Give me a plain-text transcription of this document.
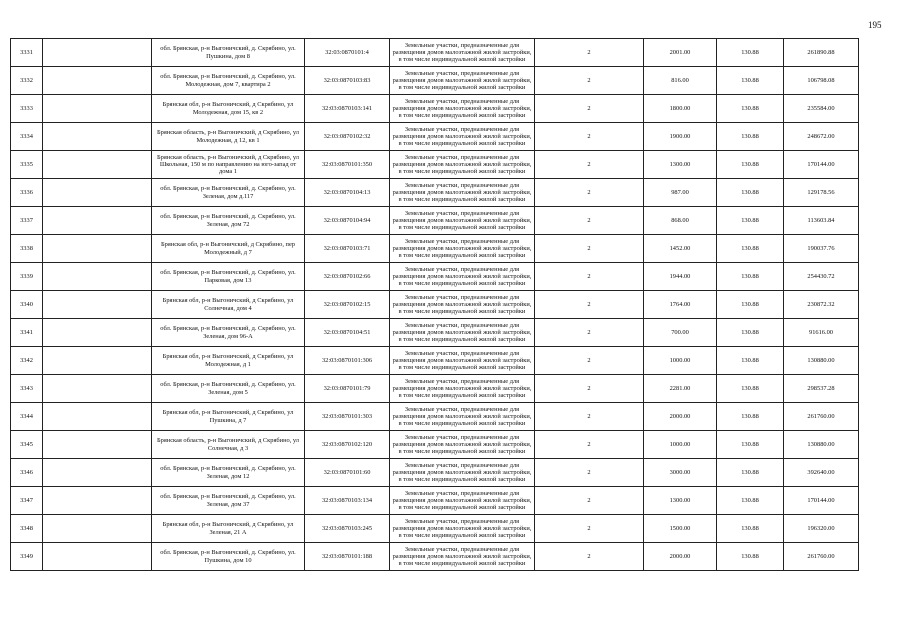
195
3331		обл. Брянская, р-н Выгоничский, д. Скрябино, ул. Пушкина, дом 8	32:03:0870101:4	Земельные участки, предназначенные для размещения домов малоэтажной жилой застройки, в том числе индивидуальной жилой застройки	2	2001.00	130.88	261890.88
3332		обл. Брянская, р-н Выгоничский, д. Скрябино, ул. Молодежная, дом 7, квартира 2	32:03:0870103:83	Земельные участки, предназначенные для размещения домов малоэтажной жилой застройки, в том числе индивидуальной жилой застройки	2	816.00	130.88	106798.08
3333		Брянская обл, р-н Выгоничский, д Скрябино, ул Молодежная, дом 15, кв 2	32:03:0870103:141	Земельные участки, предназначенные для размещения домов малоэтажной жилой застройки, в том числе индивидуальной жилой застройки	2	1800.00	130.88	235584.00
3334		Брянская область, р-н Выгоничский, д Скрябино, ул Молодежная, д 12, кв 1	32:03:0870102:32	Земельные участки, предназначенные для размещения домов малоэтажной жилой застройки, в том числе индивидуальной жилой застройки	2	1900.00	130.88	248672.00
3335		Брянская область, р-н Выгоничский, д Скрябино, ул Школьная, 150 м по направлению на юго-запад от дома 1	32:03:0870101:350	Земельные участки, предназначенные для размещения домов малоэтажной жилой застройки, в том числе индивидуальной жилой застройки	2	1300.00	130.88	170144.00
3336		обл. Брянская, р-н Выгоничский, д. Скрябино, ул. Зеленая, дом д.117	32:03:0870104:13	Земельные участки, предназначенные для размещения домов малоэтажной жилой застройки, в том числе индивидуальной жилой застройки	2	987.00	130.88	129178.56
3337		обл. Брянская, р-н Выгоничский, д. Скрябино, ул. Зеленая, дом 72	32:03:0870104:94	Земельные участки, предназначенные для размещения домов малоэтажной жилой застройки, в том числе индивидуальной жилой застройки	2	868.00	130.88	113603.84
3338		Брянская обл, р-н Выгоничский, д Скрябино, пер Молодежный, д 7	32:03:0870103:71	Земельные участки, предназначенные для размещения домов малоэтажной жилой застройки, в том числе индивидуальной жилой застройки	2	1452.00	130.88	190037.76
3339		обл. Брянская, р-н Выгоничский, д. Скрябино, ул. Парковая, дом 13	32:03:0870102:66	Земельные участки, предназначенные для размещения домов малоэтажной жилой застройки, в том числе индивидуальной жилой застройки	2	1944.00	130.88	254430.72
3340		Брянская обл, р-н Выгоничский, д Скрябино, ул Солнечная, дом 4	32:03:0870102:15	Земельные участки, предназначенные для размещения домов малоэтажной жилой застройки, в том числе индивидуальной жилой застройки	2	1764.00	130.88	230872.32
3341		обл. Брянская, р-н Выгоничский, д. Скрябино, ул. Зеленая, дом 96-А	32:03:0870104:51	Земельные участки, предназначенные для размещения домов малоэтажной жилой застройки, в том числе индивидуальной жилой застройки	2	700.00	130.88	91616.00
3342		Брянская обл, р-н Выгоничский, д Скрябино, ул Молодежная, д 1	32:03:0870101:306	Земельные участки, предназначенные для размещения домов малоэтажной жилой застройки, в том числе индивидуальной жилой застройки	2	1000.00	130.88	130880.00
3343		обл. Брянская, р-н Выгоничский, д. Скрябино, ул. Зеленая, дом 5	32:03:0870101:79	Земельные участки, предназначенные для размещения домов малоэтажной жилой застройки, в том числе индивидуальной жилой застройки	2	2281.00	130.88	298537.28
3344		Брянская обл, р-н Выгоничский, д Скрябино, ул Пушкина, д 7	32:03:0870101:303	Земельные участки, предназначенные для размещения домов малоэтажной жилой застройки, в том числе индивидуальной жилой застройки	2	2000.00	130.88	261760.00
3345		Брянская область, р-н Выгоничский, д Скрябино, ул Солнечная, д 3	32:03:0870102:120	Земельные участки, предназначенные для размещения домов малоэтажной жилой застройки, в том числе индивидуальной жилой застройки	2	1000.00	130.88	130880.00
3346		обл. Брянская, р-н Выгоничский, д. Скрябино, ул. Зеленая, дом 12	32:03:0870101:60	Земельные участки, предназначенные для размещения домов малоэтажной жилой застройки, в том числе индивидуальной жилой застройки	2	3000.00	130.88	392640.00
3347		обл. Брянская, р-н Выгоничский, д. Скрябино, ул. Зеленая, дом 37	32:03:0870103:134	Земельные участки, предназначенные для размещения домов малоэтажной жилой застройки, в том числе индивидуальной жилой застройки	2	1300.00	130.88	170144.00
3348		Брянская обл, р-н Выгоничский, д Скрябино, ул Зеленая, 21 А	32:03:0870103:245	Земельные участки, предназначенные для размещения домов малоэтажной жилой застройки, в том числе индивидуальной жилой застройки	2	1500.00	130.88	196320.00
3349		обл. Брянская, р-н Выгоничский, д. Скрябино, ул. Пушкина, дом 10	32:03:0870101:188	Земельные участки, предназначенные для размещения домов малоэтажной жилой застройки, в том числе индивидуальной жилой застройки	2	2000.00	130.88	261760.00
